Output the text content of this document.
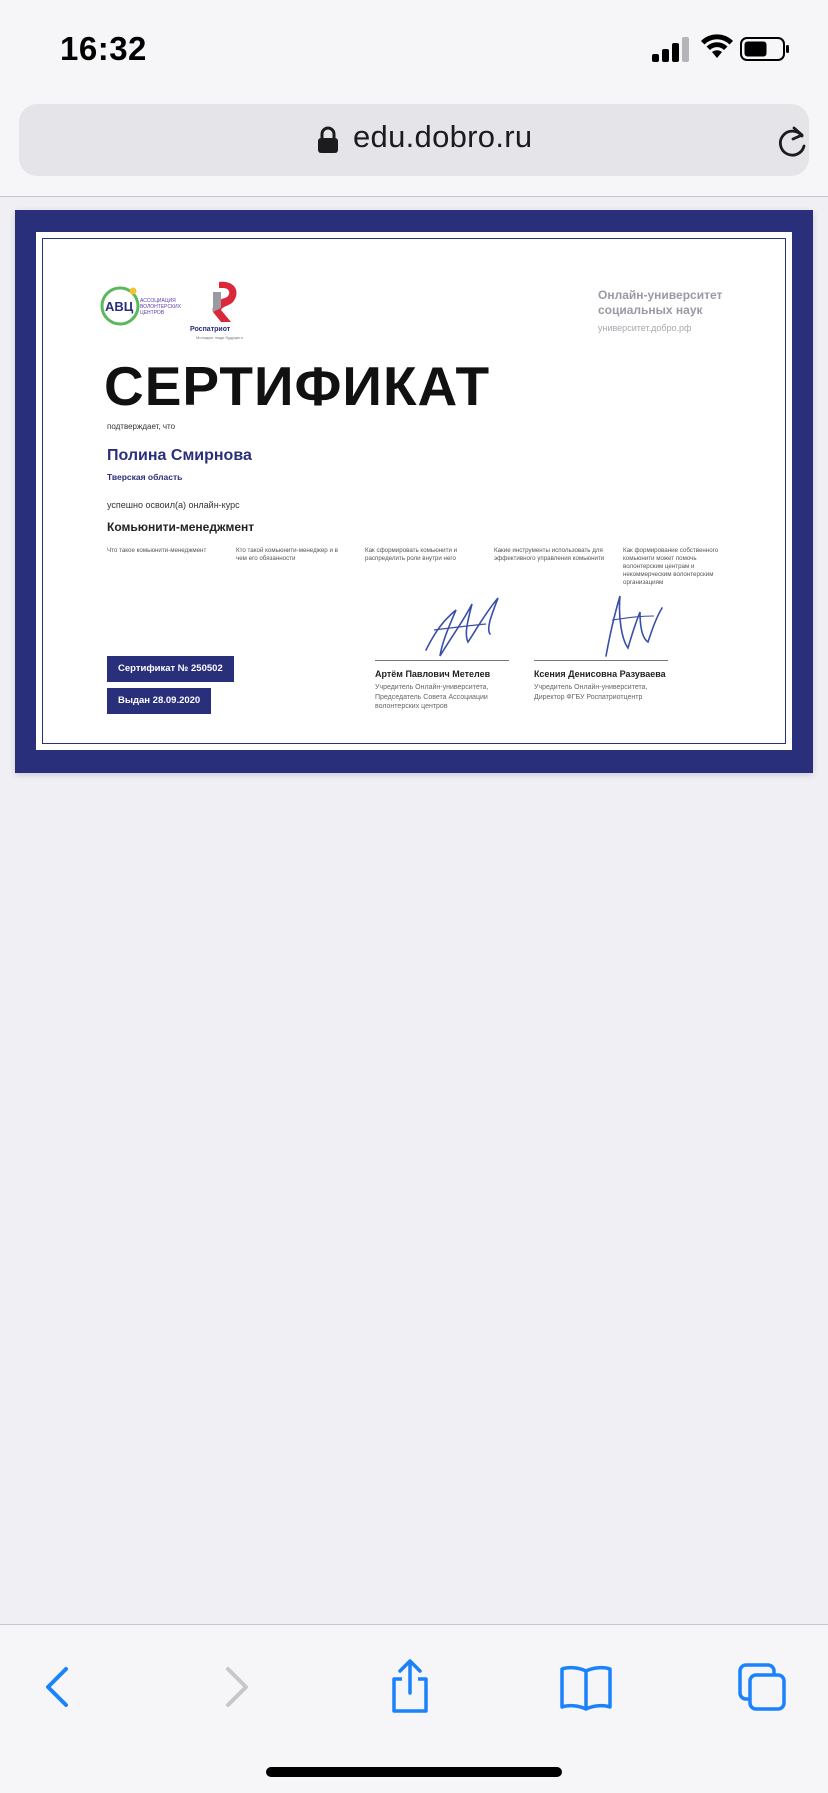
16:32
edu.dobro.ru
АВЦ АССОЦИАЦИЯ ВОЛОНТЕРСКИХ ЦЕНТРОВ
Роспатриот
Молодые люди будущего
Онлайн-университет
социальных наук
университет.добро.рф
СЕРТИФИКАТ
подтверждает, что
Полина Смирнова
Тверская область
успешно освоил(а) онлайн-курс
Комьюнити-менеджмент
Что такое комьюнити-менеджмент	Кто такой комьюнити-менеджер и в чем его обязанности
Как сформировать комьюнити и распределить роли внутри него
Какие инструменты использовать для эффективного управления комьюнити
Как формирование собственного комьюнити может помочь волонтерским центрам и некоммерческим волонтерским организациям
Сертификат № 250502
Выдан 28.09.2020
Артём Павлович Метелев
Учредитель Онлайн-университета, Председатель Совета Ассоциации волонтерских центров
Ксения Денисовна Разуваева
Учредитель Онлайн-университета, Директор ФГБУ Роспатриотцентр
